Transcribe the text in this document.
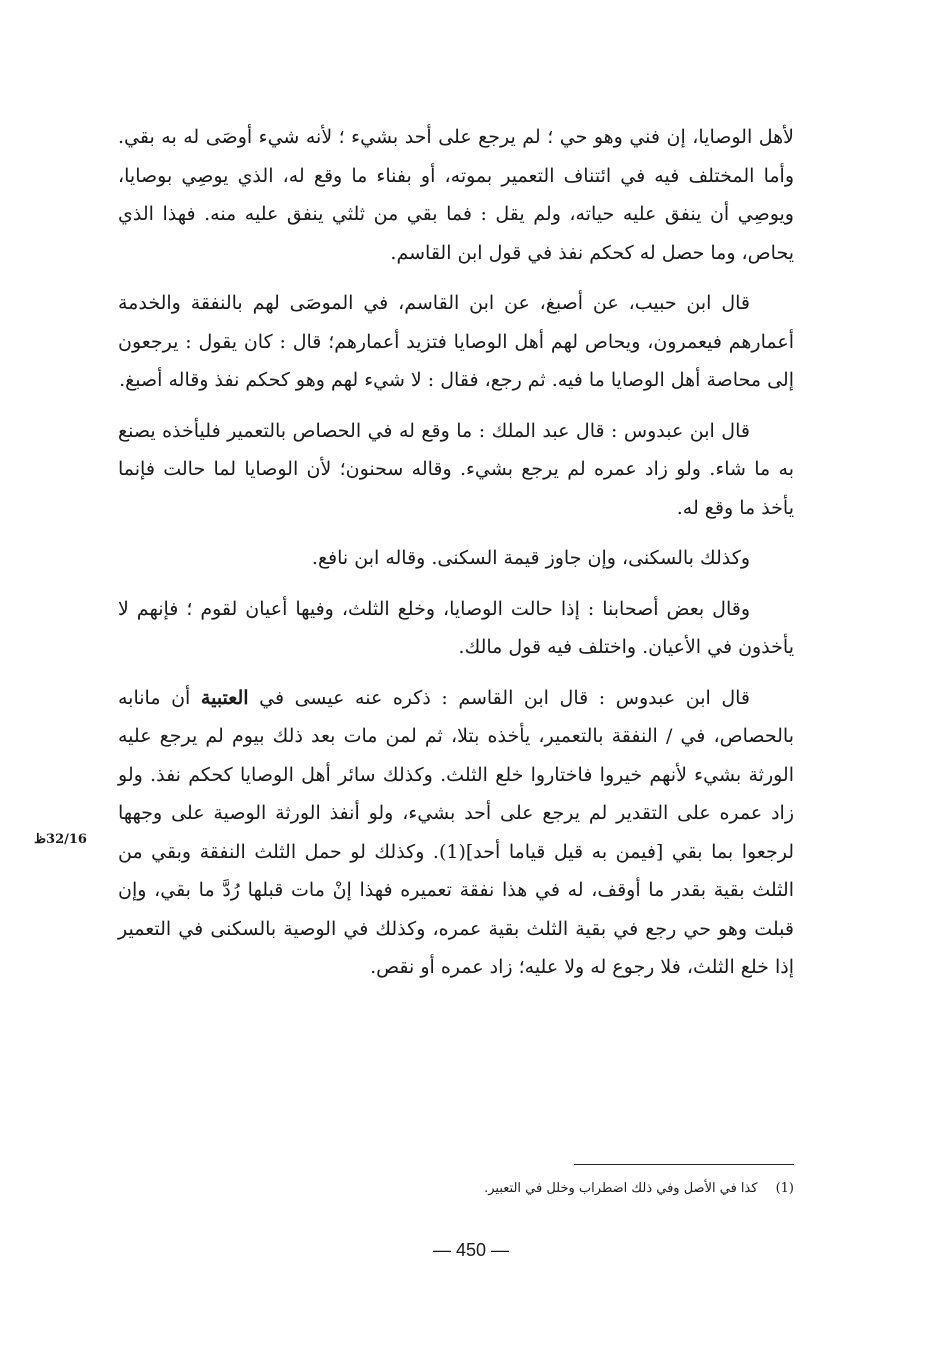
لأهل الوصايا، إن فني وهو حي ؛ لم يرجع على أحد بشيء ؛ لأنه شيء أوصَى له به بقي. وأما المختلف فيه في ائتناف التعمير بموته، أو بفناء ما وقع له، الذي يوصِي بوصايا، ويوصِي أن ينفق عليه حياته، ولم يقل : فما بقي من ثلثي ينفق عليه منه. فهذا الذي يحاص، وما حصل له كحكم نفذ في قول ابن القاسم.

قال ابن حبيب، عن أصبغ، عن ابن القاسم، في الموصَى لهم بالنفقة والخدمة أعمارهم فيعمرون، ويحاص لهم أهل الوصايا فتزيد أعمارهم؛ قال : كان يقول : يرجعون إلى محاصة أهل الوصايا ما فيه. ثم رجع، فقال : لا شيء لهم وهو كحكم نفذ وقاله أصبغ.

قال ابن عبدوس : قال عبد الملك : ما وقع له في الحصاص بالتعمير فليأخذه يصنع به ما شاء. ولو زاد عمره لم يرجع بشيء. وقاله سحنون؛ لأن الوصايا لما حالت فإنما يأخذ ما وقع له.

وكذلك بالسكنى، وإن جاوز قيمة السكنى. وقاله ابن نافع.

وقال بعض أصحابنا : إذا حالت الوصايا، وخلع الثلث، وفيها أعيان لقوم ؛ فإنهم لا يأخذون في الأعيان. واختلف فيه قول مالك.

قال ابن عبدوس : قال ابن القاسم : ذكره عنه عيسى في العتبية أن مانابه بالحصاص، في / النفقة بالتعمير، يأخذه بتلا، ثم لمن مات بعد ذلك بيوم لم يرجع عليه الورثة بشيء لأنهم خيروا فاختاروا خلع الثلث. وكذلك سائر أهل الوصايا كحكم نفذ. ولو زاد عمره على التقدير لم يرجع على أحد بشيء، ولو أنفذ الورثة الوصية على وجهها لرجعوا بما بقي [فيمن به قيل قياما أحد](1). وكذلك لو حمل الثلث النفقة وبقي من الثلث بقية بقدر ما أوقف، له في هذا نفقة تعميره فهذا إنْ مات قبلها رُدَّ ما بقي، وإن قبلت وهو حي رجع في بقية الثلث بقية عمره، وكذلك في الوصية بالسكنى في التعمير إذا خلع الثلث، فلا رجوع له ولا عليه؛ زاد عمره أو نقص.

32/16ظ
(1)كذا في الأصل وفي ذلك اضطراب وخلل في التعبير.
— 450 —
